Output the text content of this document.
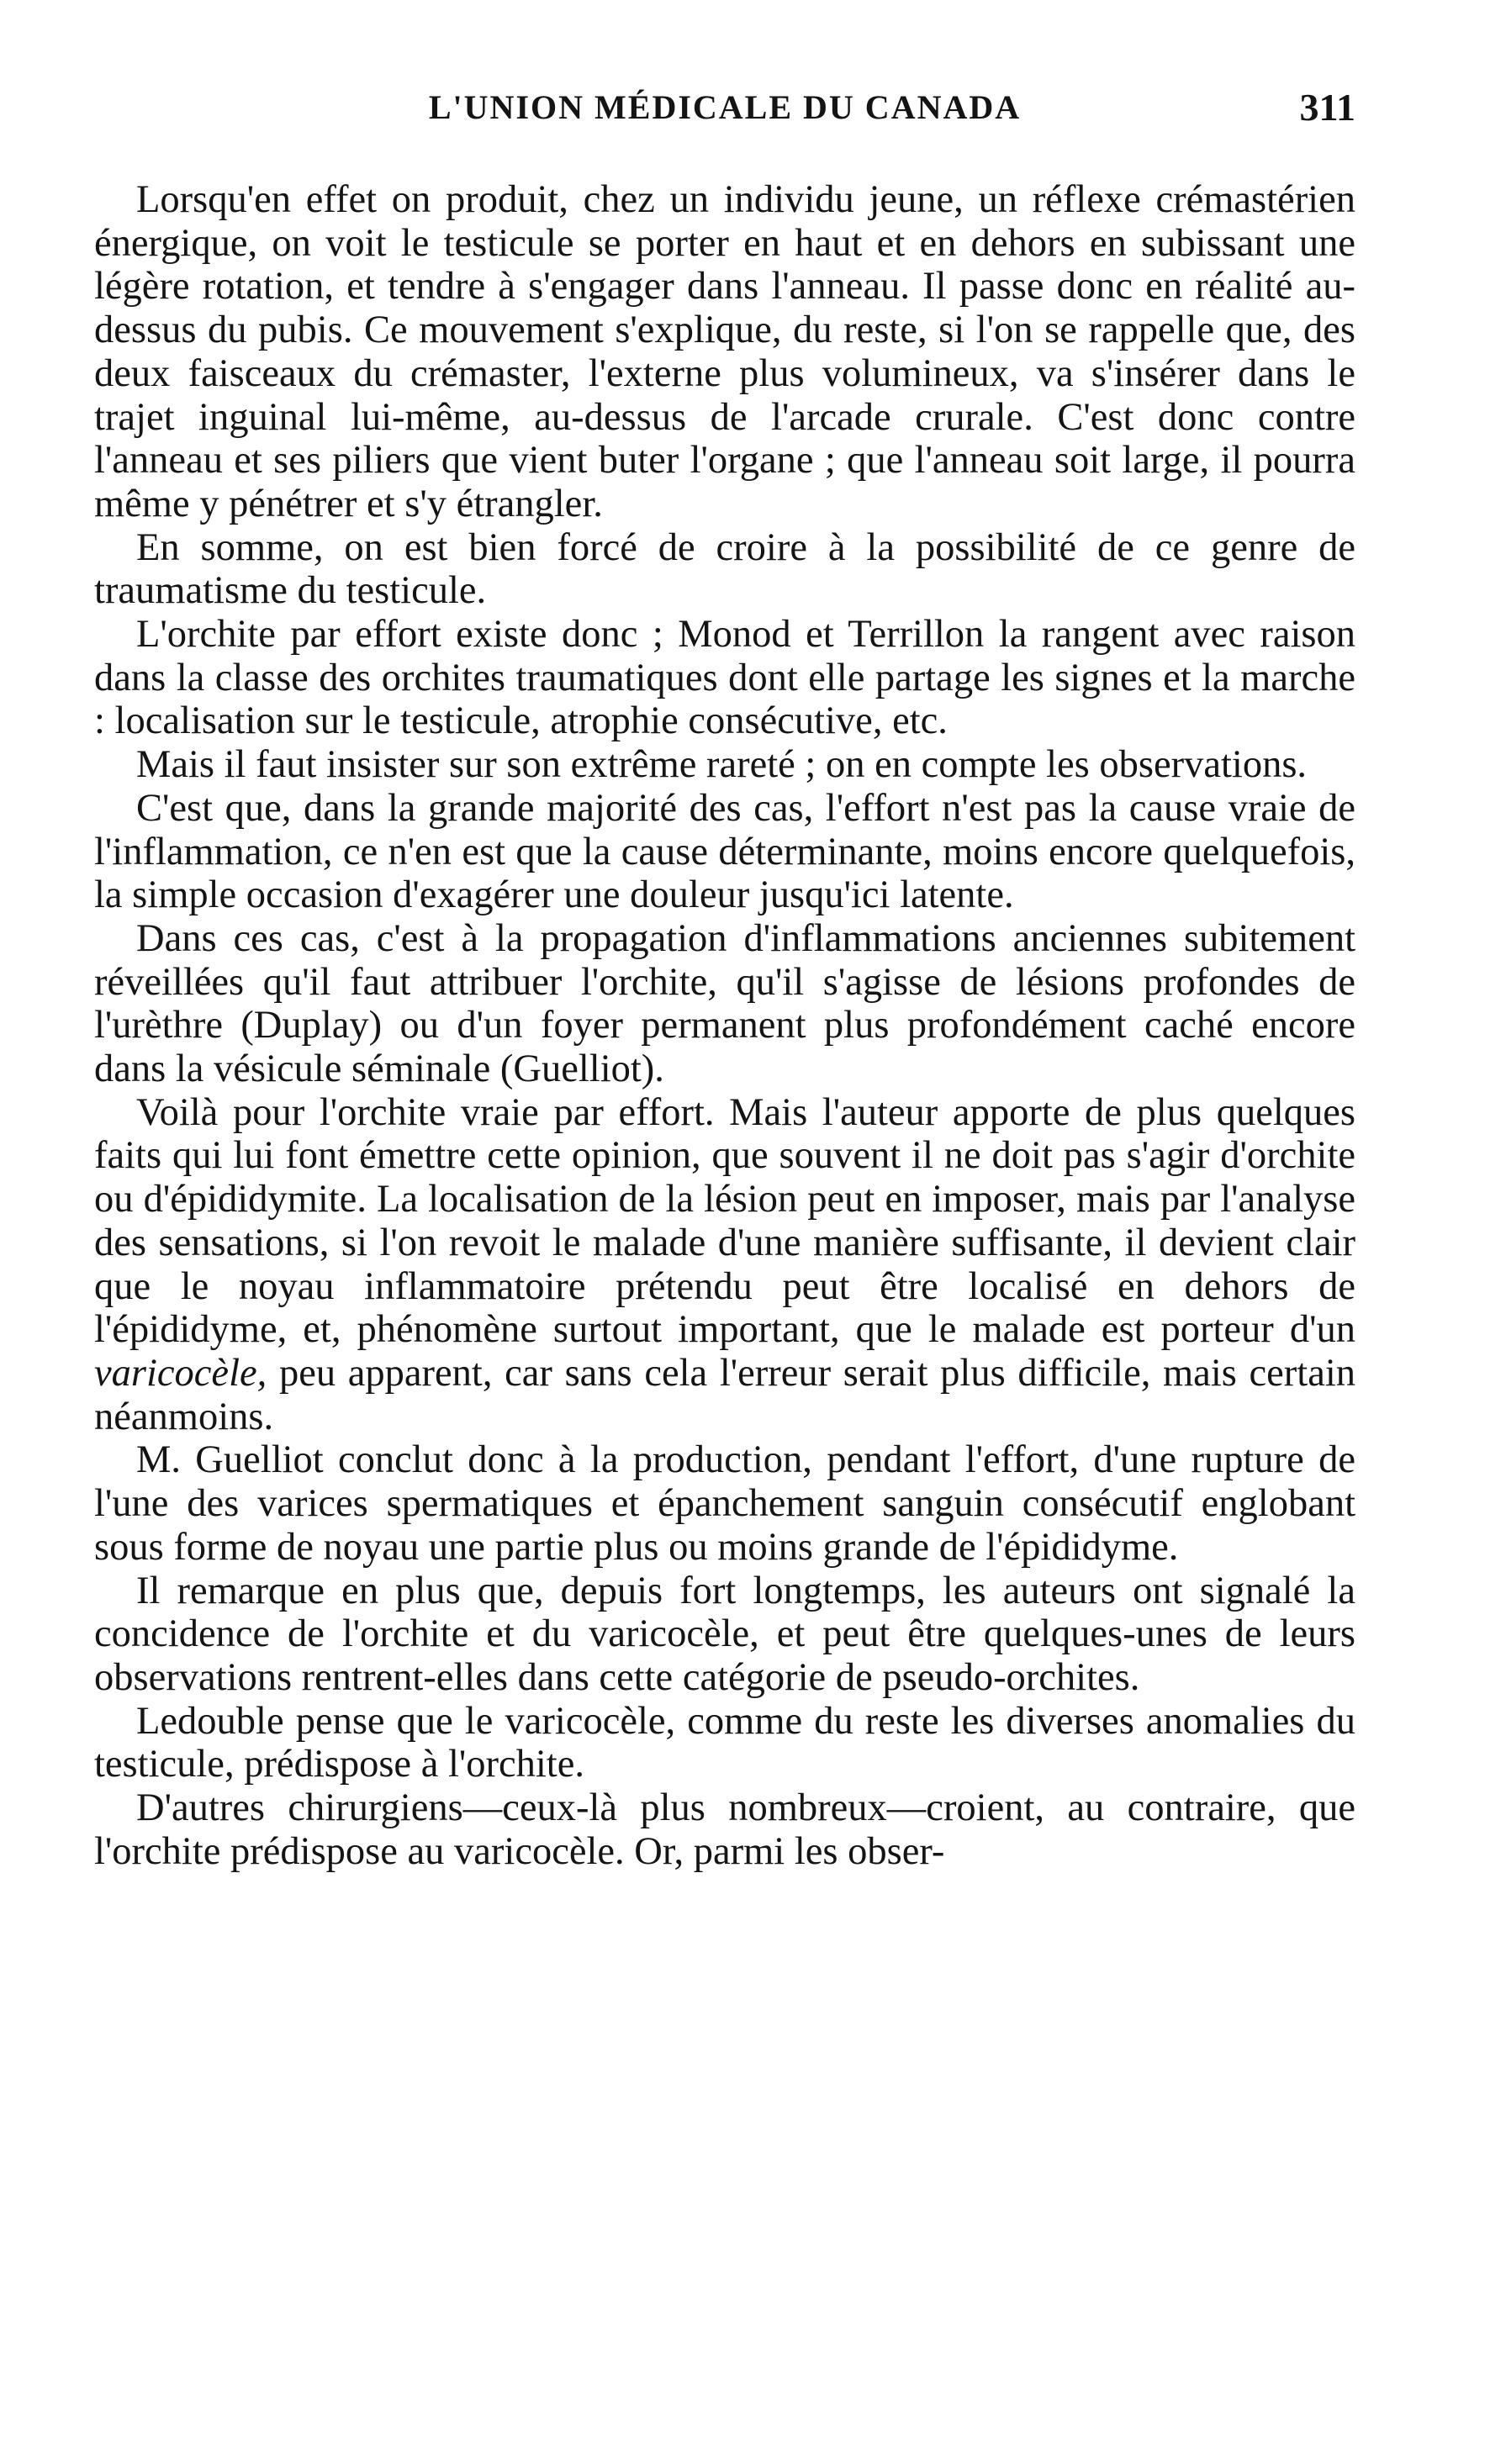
L'UNION MÉDICALE DU CANADA	311

Lorsqu'en effet on produit, chez un individu jeune, un réflexe crémastérien énergique, on voit le testicule se porter en haut et en dehors en subissant une légère rotation, et tendre à s'engager dans l'anneau. Il passe donc en réalité au-dessus du pubis. Ce mouvement s'explique, du reste, si l'on se rappelle que, des deux faisceaux du crémaster, l'externe plus volumineux, va s'insérer dans le trajet inguinal lui-même, au-dessus de l'arcade crurale. C'est donc contre l'anneau et ses piliers que vient buter l'organe ; que l'anneau soit large, il pourra même y pénétrer et s'y étrangler.

En somme, on est bien forcé de croire à la possibilité de ce genre de traumatisme du testicule.

L'orchite par effort existe donc ; Monod et Terrillon la rangent avec raison dans la classe des orchites traumatiques dont elle partage les signes et la marche : localisation sur le testicule, atrophie consécutive, etc.

Mais il faut insister sur son extrême rareté ; on en compte les observations.

C'est que, dans la grande majorité des cas, l'effort n'est pas la cause vraie de l'inflammation, ce n'en est que la cause déterminante, moins encore quelquefois, la simple occasion d'exagérer une douleur jusqu'ici latente.

Dans ces cas, c'est à la propagation d'inflammations anciennes subitement réveillées qu'il faut attribuer l'orchite, qu'il s'agisse de lésions profondes de l'urèthre (Duplay) ou d'un foyer permanent plus profondément caché encore dans la vésicule séminale (Guelliot).

Voilà pour l'orchite vraie par effort. Mais l'auteur apporte de plus quelques faits qui lui font émettre cette opinion, que souvent il ne doit pas s'agir d'orchite ou d'épididymite. La localisation de la lésion peut en imposer, mais par l'analyse des sensations, si l'on revoit le malade d'une manière suffisante, il devient clair que le noyau inflammatoire prétendu peut être localisé en dehors de l'épididyme, et, phénomène surtout important, que le malade est porteur d'un varicocèle, peu apparent, car sans cela l'erreur serait plus difficile, mais certain néanmoins.

M. Guelliot conclut donc à la production, pendant l'effort, d'une rupture de l'une des varices spermatiques et épanchement sanguin consécutif englobant sous forme de noyau une partie plus ou moins grande de l'épididyme.

Il remarque en plus que, depuis fort longtemps, les auteurs ont signalé la concidence de l'orchite et du varicocèle, et peut être quelques-unes de leurs observations rentrent-elles dans cette catégorie de pseudo-orchites.

Ledouble pense que le varicocèle, comme du reste les diverses anomalies du testicule, prédispose à l'orchite.

D'autres chirurgiens—ceux-là plus nombreux—croient, au contraire, que l'orchite prédispose au varicocèle. Or, parmi les obser-
